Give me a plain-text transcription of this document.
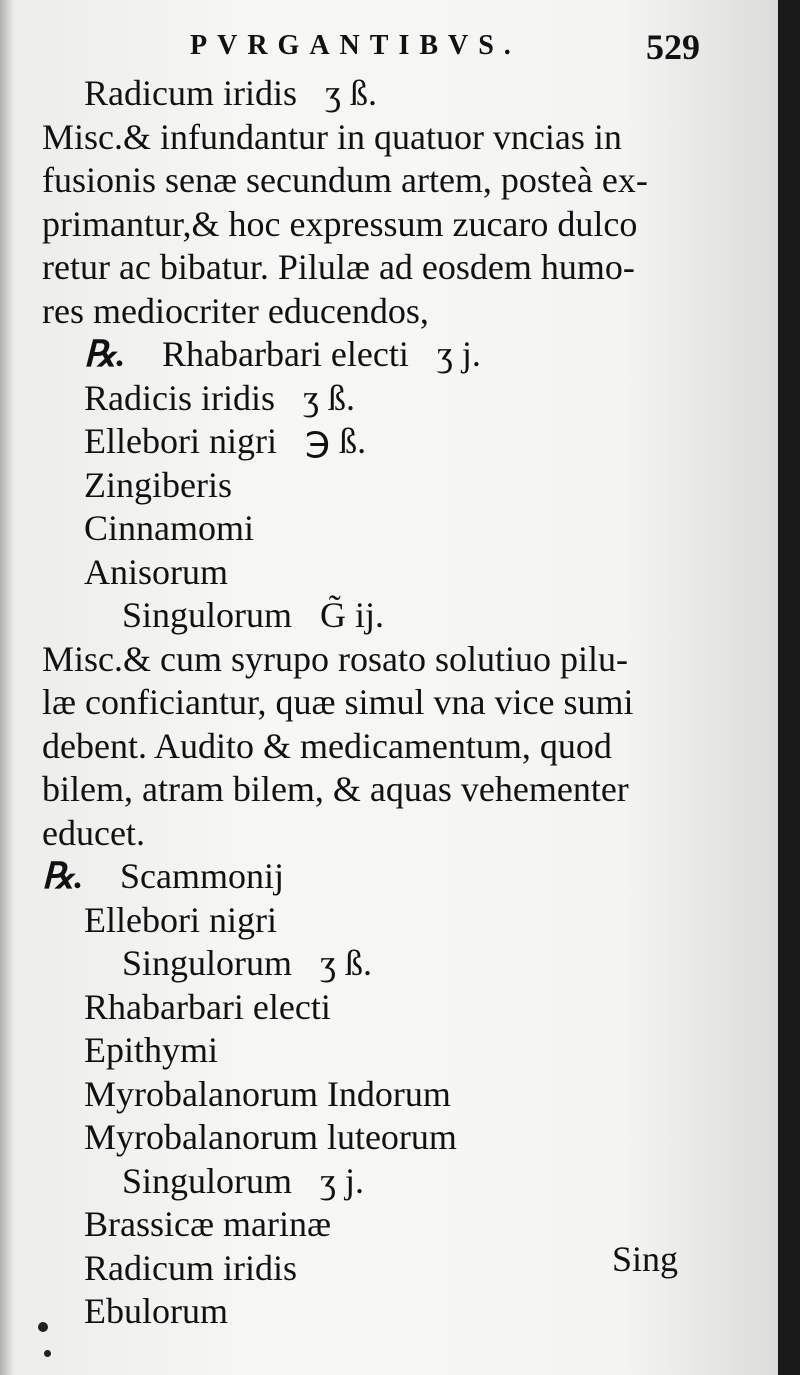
PVRGANTIBVS.	529
Radicum iridis ʒ ß.
Misc.& infundantur in quatuor vncias in
fusionis senæ secundum artem, posteà ex-
primantur,& hoc expressum zucaro dulco
retur ac bibatur. Pilulæ ad eosdem humo-
res mediocriter educendos,
℞. Rhabarbari electi ʒ j.
Radicis iridis ʒ ß.
Ellebori nigri ℈ ß.
Zingiberis
Cinnamomi
Anisorum
Singulorum G̃ ij.
Misc.& cum syrupo rosato solutiuo pilu-
læ conficiantur, quæ simul vna vice sumi
debent. Audito & medicamentum, quod
bilem, atram bilem, & aquas vehementer
educet.
℞. Scammonij
Ellebori nigri
Singulorum ʒ ß.
Rhabarbari electi
Epithymi
Myrobalanorum Indorum
Myrobalanorum luteorum
Singulorum ʒ j.
Brassicæ marinæ
Radicum iridis
Ebulorum
Sing
